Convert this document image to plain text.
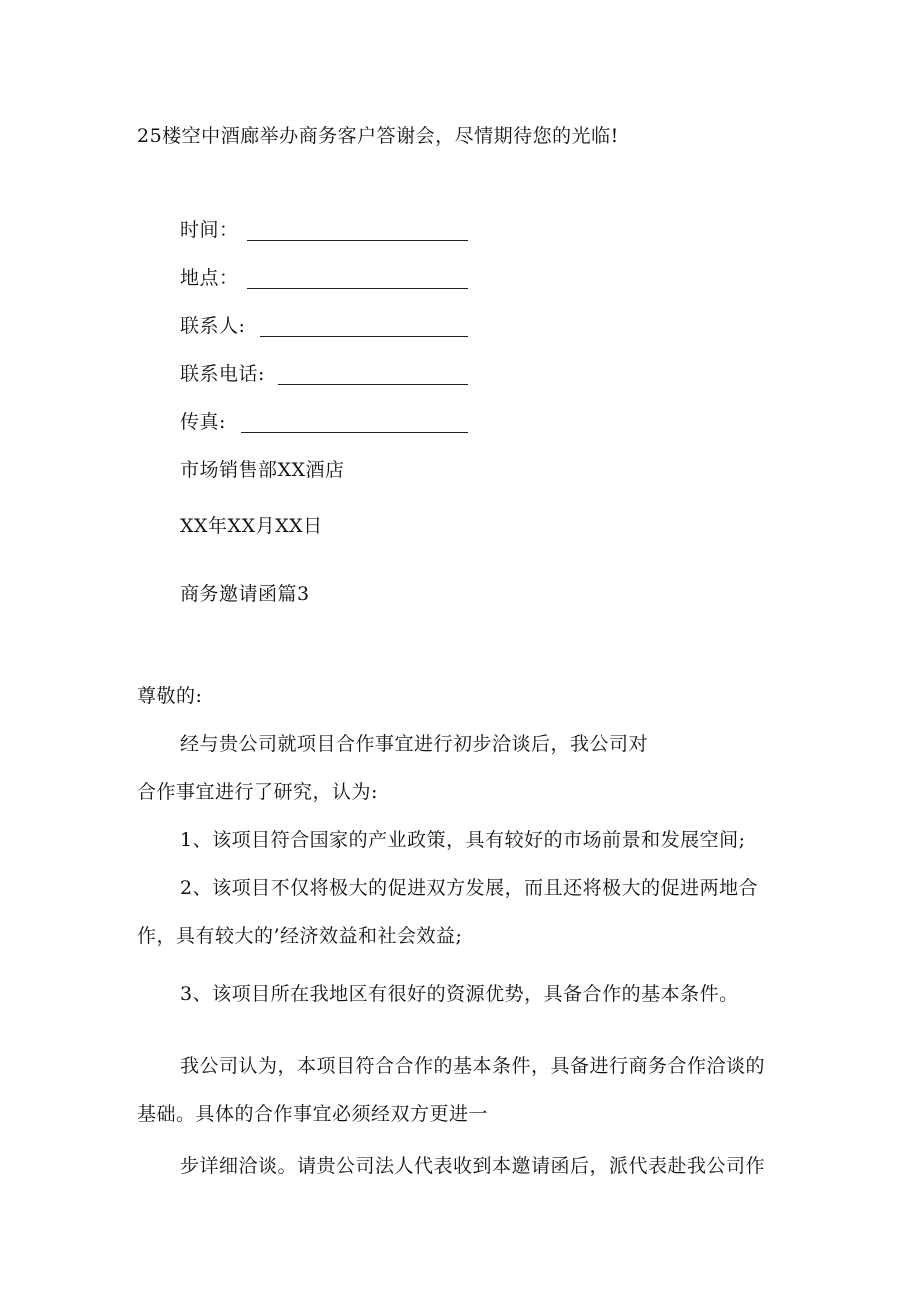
25楼空中酒廊举办商务客户答谢会，尽情期待您的光临!
时间：
地点：
联系人:
联系电话:
传真:
市场销售部XX酒店
XX年XX月XX日
商务邀请函篇3
尊敬的:
经与贵公司就项目合作事宜进行初步洽谈后，我公司对
合作事宜进行了研究，认为:
1、该项目符合国家的产业政策，具有较好的市场前景和发展空间;
2、该项目不仅将极大的促进双方发展，而且还将极大的促进两地合
作，具有较大的’经济效益和社会效益;
3、该项目所在我地区有很好的资源优势，具备合作的基本条件。
我公司认为，本项目符合合作的基本条件，具备进行商务合作洽谈的
基础。具体的合作事宜必须经双方更进一
步详细洽谈。请贵公司法人代表收到本邀请函后，派代表赴我公司作
